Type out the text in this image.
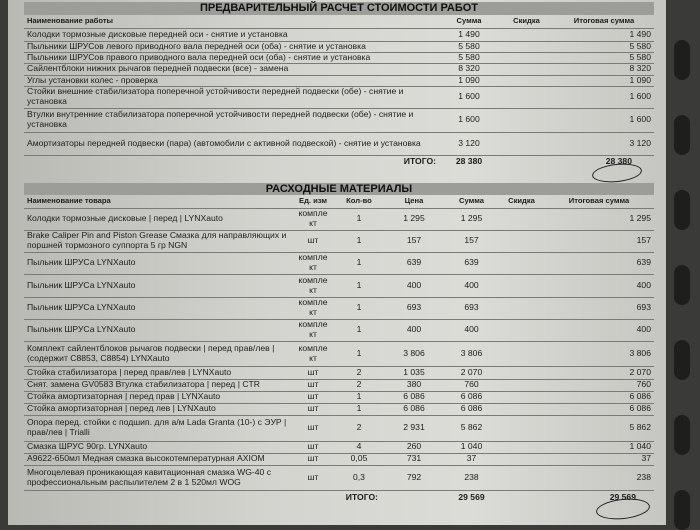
ПРЕДВАРИТЕЛЬНЫЙ РАСЧЕТ СТОИМОСТИ РАБОТ
Наименование работы	Сумма	Скидка	Итоговая сумма
Колодки тормозные дисковые передней оси - снятие и установка	1 490		1 490
Пыльники ШРУСов левого приводного вала передней оси (оба) - снятие и установка	5 580		5 580
Пыльники ШРУСов правого приводного вала передней оси (оба) - снятие и установка	5 580		5 580
Сайлентблоки нижних рычагов передней подвески (все) - замена	8 320		8 320
Углы установки колес - проверка	1 090		1 090
Стойки внешние стабилизатора поперечной устойчивости передней подвески (обе) - снятие и установка	1 600		1 600
Втулки внутренние стабилизатора поперечной устойчивости передней подвески (обе) - снятие и установка	1 600		1 600
Амортизаторы передней подвески (пара) (автомобили с активной подвеской) - снятие и установка	3 120		3 120
ИТОГО:	28 380		28 380
РАСХОДНЫЕ МАТЕРИАЛЫ
Наименование товара	Ед. изм	Кол-во	Цена	Сумма	Скидка	Итоговая сумма
Колодки тормозные дисковые | перед | LYNXauto	компле кт	1	1 295	1 295		1 295
Brake Caliper Pin and Piston Grease Смазка для направляющих и поршней тормозного суппорта 5 гр NGN	шт	1	157	157		157
Пыльник ШРУСа LYNXauto	компле кт	1	639	639		639
Пыльник ШРУСа LYNXauto	компле кт	1	400	400		400
Пыльник ШРУСа LYNXauto	компле кт	1	693	693		693
Пыльник ШРУСа LYNXauto	компле кт	1	400	400		400
Комплект сайлентблоков рычагов подвески | перед прав/лев | (содержит С8853, С8854) LYNXauto	компле кт	1	3 806	3 806		3 806
Стойка стабилизатора | перед прав/лев | LYNXauto	шт	2	1 035	2 070		2 070
Снят. замена GV0583 Втулка стабилизатора | перед | CTR	шт	2	380	760		760
Стойка амортизаторная | перед прав | LYNXauto	шт	1	6 086	6 086		6 086
Стойка амортизаторная | перед лев | LYNXauto	шт	1	6 086	6 086		6 086
Опора перед. стойки с подшип. для а/м Lada Granta (10-) с ЭУР | прав/лев | Trialli	шт	2	2 931	5 862		5 862
Смазка ШРУС 90гр. LYNXauto	шт	4	260	1 040		1 040
А9622-650мл Медная смазка высокотемпературная AXIOM	шт	0,05	731	37		37
Многоцелевая проникающая кавитационная смазка WG-40 с профессиональным распылителем 2 в 1 520мл WOG	шт	0,3	792	238		238
ИТОГО:				29 569		29 569
